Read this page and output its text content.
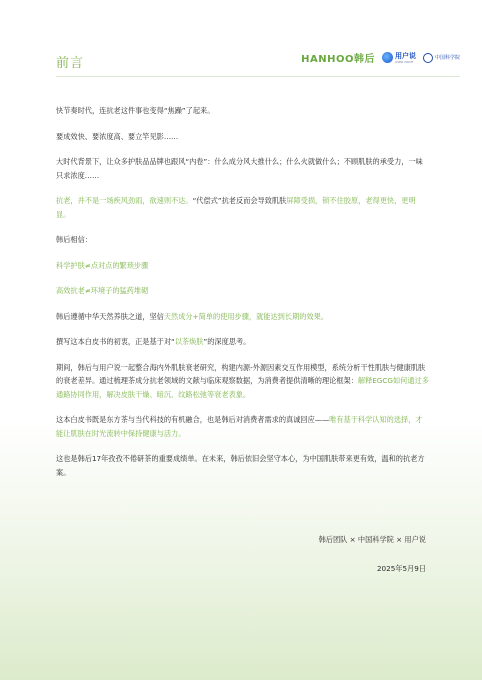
前言	HANHOO韩后	用户说
USER VOICE
中国科学院

快节奏时代，连抗老这件事也变得“焦躁”了起来。

要成效快、要浓度高、要立竿见影……

大时代背景下，让众多护肤品品牌也跟风“内卷”：什么成分风大推什么；什么火就做什么；不顾肌肤的承受力，一味只求浓度……

抗老，并不是一场疾风劲雨，欲速则不达。“代偿式”抗老反而会导致肌肤屏障受损，锁不住胶原，老得更快，更明显。

韩后相信：

科学护肤≠点对点的繁琐步骤

高效抗老≠环境子的猛药堆砌

韩后遵循中华天然养肤之道，坚信天然成分+简单的使用步骤，就能达到长期的效果。

撰写这本白皮书的初衷，正是基于对“以茶焕肤”的深度思考。

期间，韩后与用户说一起整合海内外肌肤衰老研究，构建内源-外源因素交互作用模型，系统分析干性肌肤与健康肌肤的衰老差异。通过梳理茶成分抗老领域的文献与临床观察数据，为消费者提供清晰的理论框架：解释EGCG如何通过多通路协同作用，解决皮肤干燥、暗沉、纹路松弛等衰老表象。

这本白皮书既是东方茶与当代科技的有机融合，也是韩后对消费者需求的真诚回应——唯有基于科学认知的选择，才能让肌肤在时光流转中保持健康与活力。

这也是韩后17年孜孜不倦研茶的重要成绩单。在未来，韩后依旧会坚守本心，为中国肌肤带来更有效，温和的抗老方案。

韩后团队 × 中国科学院 × 用户说
2025年5月9日
